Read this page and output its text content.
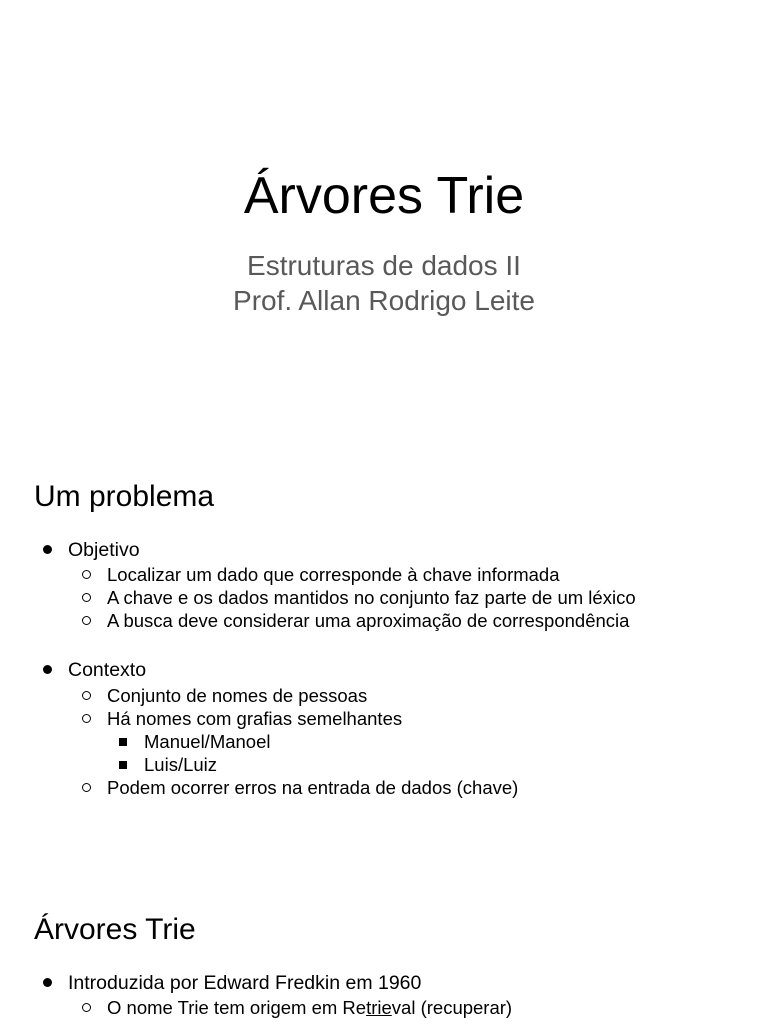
Árvores Trie
Estruturas de dados II
Prof. Allan Rodrigo Leite
Um problema
Objetivo
Localizar um dado que corresponde à chave informada
A chave e os dados mantidos no conjunto faz parte de um léxico
A busca deve considerar uma aproximação de correspondência
Contexto
Conjunto de nomes de pessoas
Há nomes com grafias semelhantes
Manuel/Manoel
Luis/Luiz
Podem ocorrer erros na entrada de dados (chave)
Árvores Trie
Introduzida por Edward Fredkin em 1960
O nome Trie tem origem em Retrieval (recuperar)
